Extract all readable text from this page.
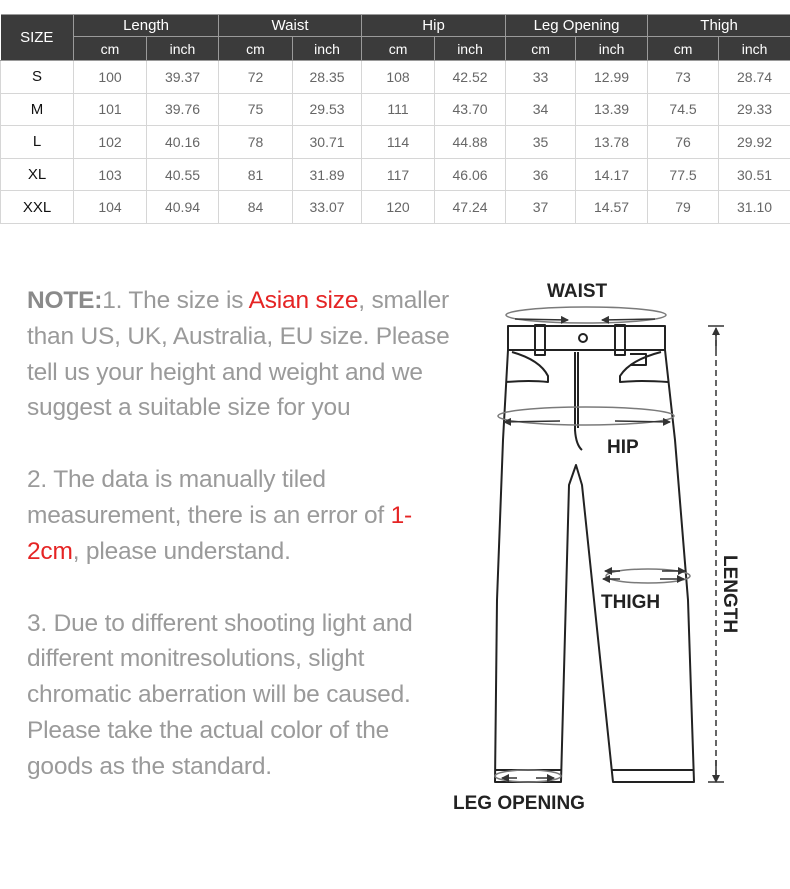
SIZE	Length		Waist		Hip		Leg Opening		Thigh	
	cm	inch	cm	inch	cm	inch	cm	inch	cm	inch
S	100	39.37	72	28.35	108	42.52	33	12.99	73	28.74
M	101	39.76	75	29.53	111	43.70	34	13.39	74.5	29.33
L	102	40.16	78	30.71	114	44.88	35	13.78	76	29.92
XL	103	40.55	81	31.89	117	46.06	36	14.17	77.5	30.51
XXL	104	40.94	84	33.07	120	47.24	37	14.57	79	31.10

NOTE:1. The size is Asian size, smaller than US, UK, Australia, EU size. Please tell us your height and weight and we suggest a suitable size for you

2. The data is manually tiled measurement, there is an error of 1-2cm, please understand.

3. Due to different shooting light and different monitresolutions, slight chromatic aberration will be caused. Please take the actual color of the goods as the standard.

WAIST
HIP
THIGH
LEG OPENING
LENGTH
